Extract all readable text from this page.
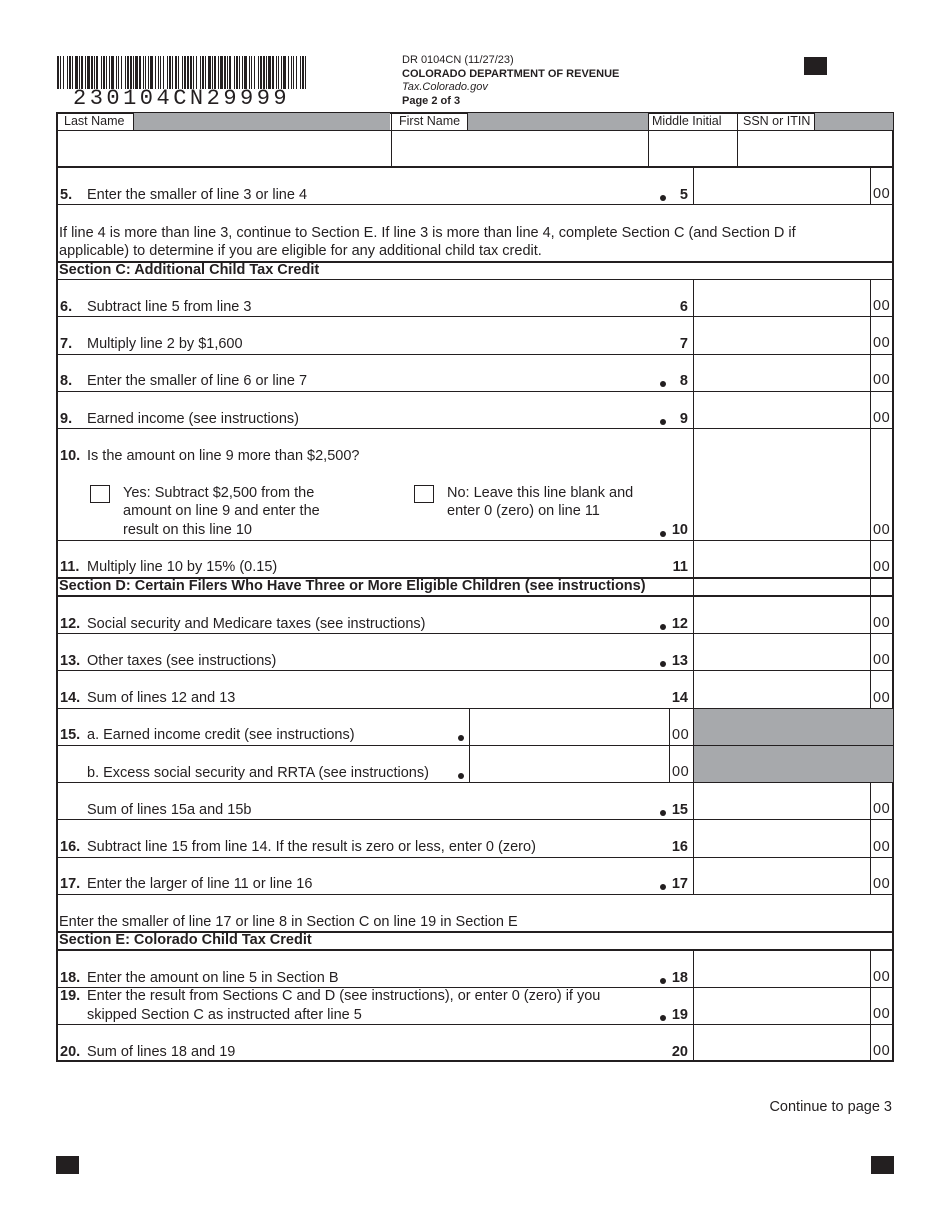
230104CN29999
DR 0104CN (11/27/23)
COLORADO DEPARTMENT OF REVENUE
Tax.Colorado.gov
Page 2 of 3
Last Name	First Name	Middle Initial SSN or ITIN
5. Enter the smaller of line 3 or line 4	5	00
If line 4 is more than line 3, continue to Section E. If line 3 is more than line 4, complete Section C (and Section D if
applicable) to determine if you are eligible for any additional child tax credit.
Section C: Additional Child Tax Credit
6. Subtract line 5 from line 3	6	00
7. Multiply line 2 by $1,600	7	00
8. Enter the smaller of line 6 or line 7	8	00
9. Earned income (see instructions)	9	00
10. Is the amount on line 9 more than $2,500?
Yes: Subtract $2,500 from the
amount on line 9 and enter the
result on this line 10
No: Leave this line blank and
enter 0 (zero) on line 11
10	00
11. Multiply line 10 by 15% (0.15)	11	00
Section D: Certain Filers Who Have Three or More Eligible Children (see instructions)
12. Social security and Medicare taxes (see instructions)	12	00
13. Other taxes (see instructions)	13	00
14. Sum of lines 12 and 13	14	00
15. a. Earned income credit (see instructions)	00
b. Excess social security and RRTA (see instructions)	00
Sum of lines 15a and 15b	15	00
16. Subtract line 15 from line 14. If the result is zero or less, enter 0 (zero)	16	00
17. Enter the larger of line 11 or line 16	17	00
Enter the smaller of line 17 or line 8 in Section C on line 19 in Section E
Section E: Colorado Child Tax Credit
18. Enter the amount on line 5 in Section B	18	00
19. Enter the result from Sections C and D (see instructions), or enter 0 (zero) if you
skipped Section C as instructed after line 5	19	00
20. Sum of lines 18 and 19	20	00
Continue to page 3
